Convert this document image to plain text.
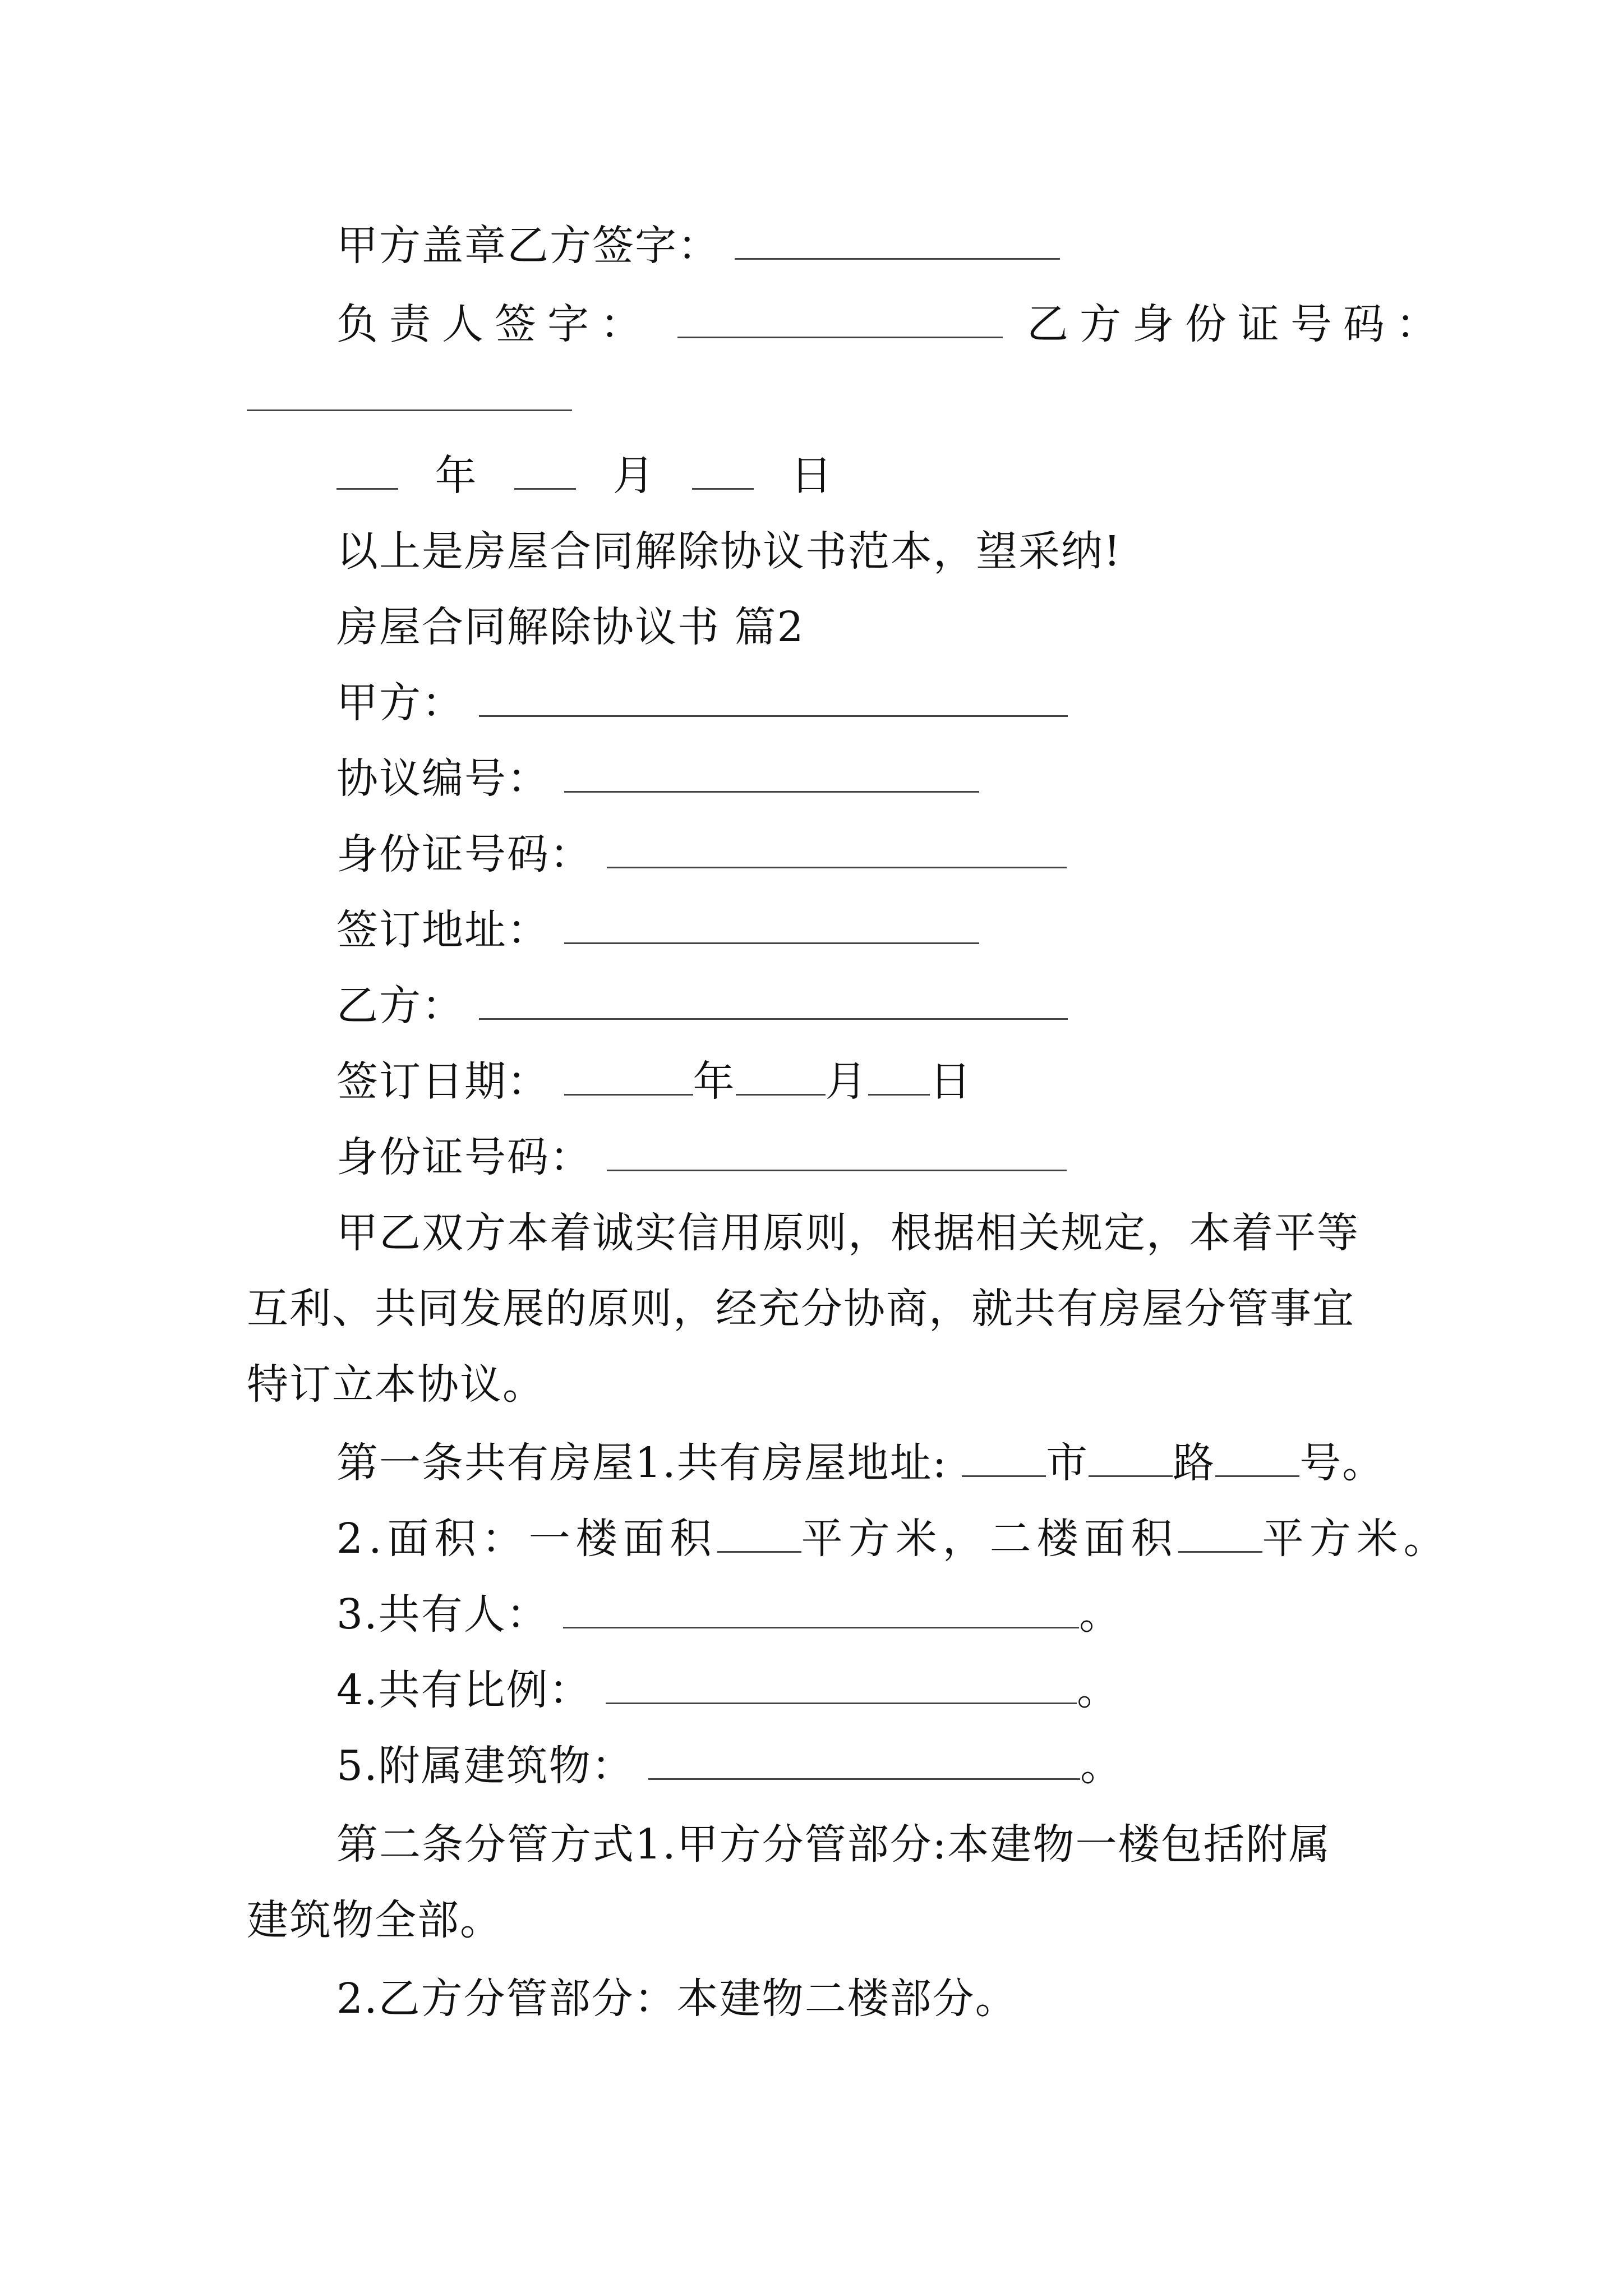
甲方盖章乙方签字：
负责人签字：	乙方身份证号码：
年	月	日
以上是房屋合同解除协议书范本，望采纳!
房屋合同解除协议书 篇2
甲方：
协议编号：
身份证号码：
签订地址：
乙方：
签订日期：	年 月 日
身份证号码：
甲乙双方本着诚实信用原则，根据相关规定，本着平等
互利、共同发展的原则，经充分协商，就共有房屋分管事宜
特订立本协议。
第一条共有房屋1.共有房屋地址: 市 路 号。
2.面积：一楼面积 平方米，二楼面积 平方米。
3.共有人：	。
4.共有比例：	。
5.附属建筑物：	。
第二条分管方式1.甲方分管部分:本建物一楼包括附属
建筑物全部。
2.乙方分管部分：本建物二楼部分。
